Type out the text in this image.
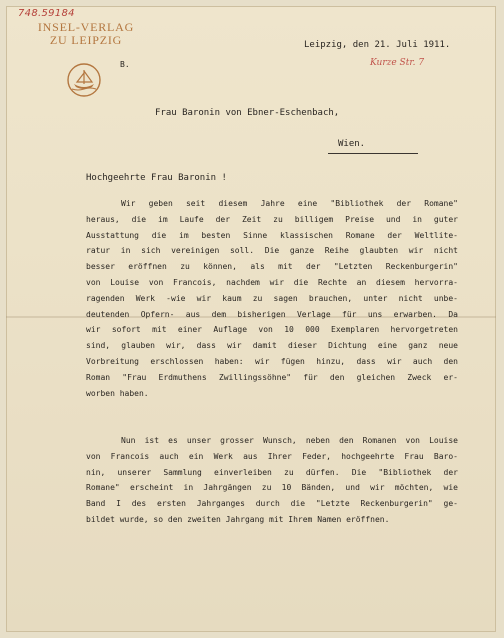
748.59184
INSEL-VERLAG
ZU LEIPZIG
B.
Leipzig, den 21. Juli 1911.
Kurze Str. 7
Frau Baronin von Ebner-Eschenbach,
Wien.
Hochgeehrte Frau Baronin !
Wir geben seit diesem Jahre eine "Bibliothek der Romane"
heraus, die im Laufe der Zeit zu billigem Preise und in guter
Ausstattung die im besten Sinne klassischen Romane der Weltlite-
ratur in sich vereinigen soll. Die ganze Reihe glaubten wir nicht
besser eröffnen zu können, als mit der "Letzten Reckenburgerin"
von Louise von Francois, nachdem wir die Rechte an diesem hervorra-
ragenden Werk -wie wir kaum zu sagen brauchen, unter nicht unbe-
deutenden Opfern- aus dem bisherigen Verlage für uns erwarben. Da
wir sofort mit einer Auflage von 10 000 Exemplaren hervorgetreten
sind, glauben wir, dass wir damit dieser Dichtung eine ganz neue
Vorbreitung erschlossen haben: wir fügen hinzu, dass wir auch den
Roman "Frau Erdmuthens Zwillingssöhne" für den gleichen Zweck er-
worben haben.
Nun ist es unser grosser Wunsch, neben den Romanen von Louise
von Francois auch ein Werk aus Ihrer Feder, hochgeehrte Frau Baro-
nin, unserer Sammlung einverleiben zu dürfen. Die "Bibliothek der
Romane" erscheint in Jahrgängen zu 10 Bänden, und wir möchten, wie
Band I des ersten Jahrganges durch die "Letzte Reckenburgerin" ge-
bildet wurde, so den zweiten Jahrgang mit Ihrem Namen eröffnen.
